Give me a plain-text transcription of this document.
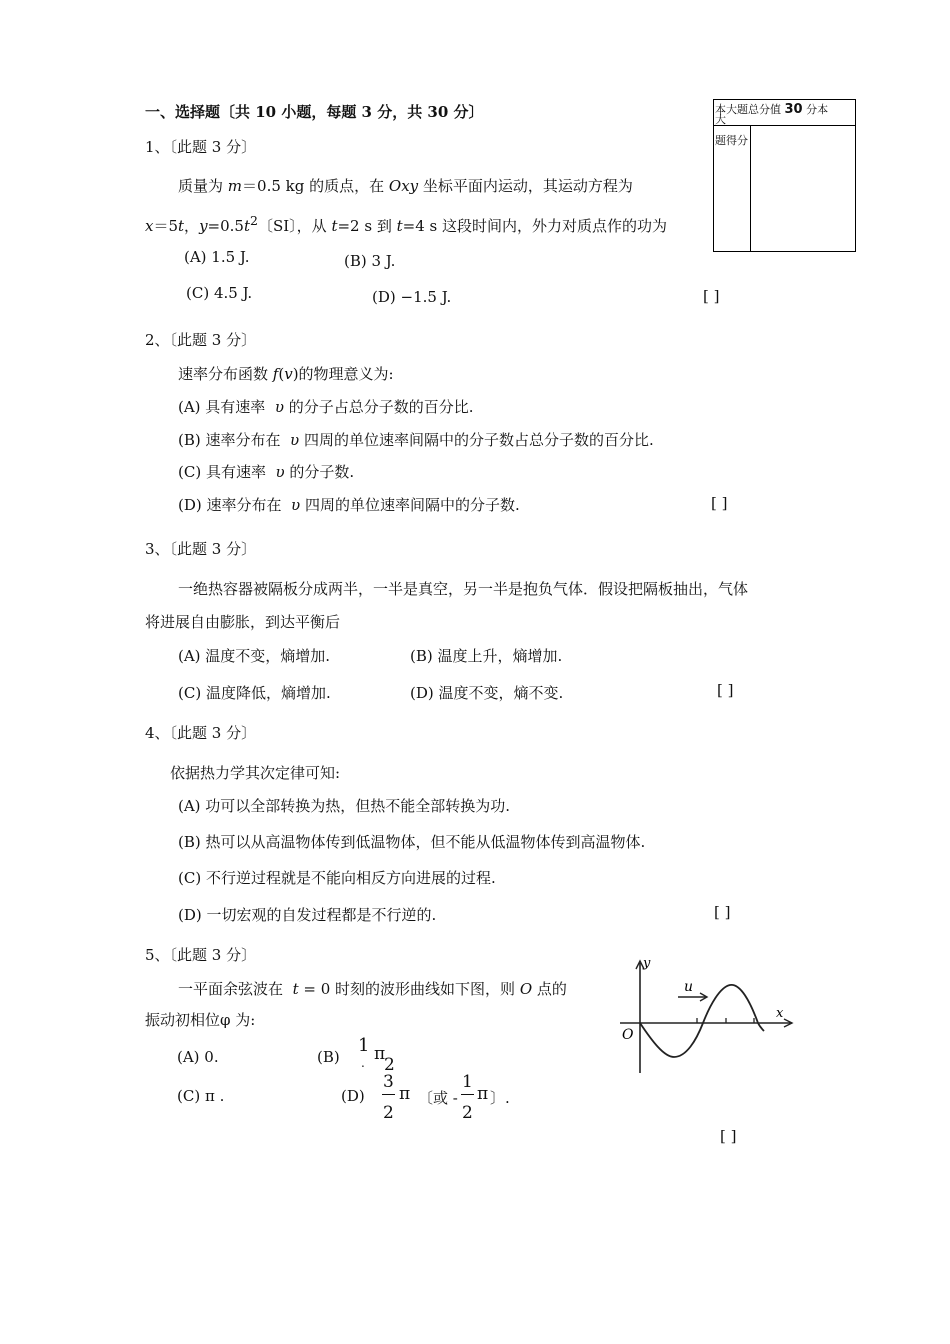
一、选择题〔共 10 小题，每题 3 分，共 30 分〕	本大题总分值 30 分本
大
题得分
1、〔此题 3 分〕
质量为 m＝0.5 kg 的质点，在 Oxy 坐标平面内运动，其运动方程为
x＝5t，$y=0.5t^2$〔SI〕，从 t=2 s 到 t=4 s 这段时间内，外力对质点作的功为
(A) 1.5 J.	(B) 3 J.
(C) 4.5 J.	(D) −1.5 J.	[ ]
2、〔此题 3 分〕
速率分布函数 f(v)的物理意义为:
(A) 具有速率 υ 的分子占总分子数的百分比.
(B) 速率分布在 υ 四周的单位速率间隔中的分子数占总分子数的百分比.
(C) 具有速率 υ 的分子数.
(D) 速率分布在 υ 四周的单位速率间隔中的分子数.	[ ]
3、〔此题 3 分〕
一绝热容器被隔板分成两半，一半是真空，另一半是抱负气体．假设把隔板抽出，气体
将进展自由膨胀，到达平衡后
(A) 温度不变，熵增加.	(B) 温度上升，熵增加.
(C) 温度降低，熵增加.	(D) 温度不变，熵不变.	[ ]
4、〔此题 3 分〕
依据热力学其次定律可知:
(A) 功可以全部转换为热，但热不能全部转换为功.
(B) 热可以从高温物体传到低温物体，但不能从低温物体传到高温物体.
(C) 不行逆过程就是不能向相反方向进展的过程.
(D) 一切宏观的自发过程都是不行逆的.	[ ]
5、〔此题 3 分〕
一平面余弦波在 t = 0 时刻的波形曲线如下图，则 O 点的
振动初相位φ 为:
(A) 0.	(B)
1
. π
2
(C) π .	(D)
3
2
π 〔或 -
1
2
π 〕.
[ ]
u
y
x
O
